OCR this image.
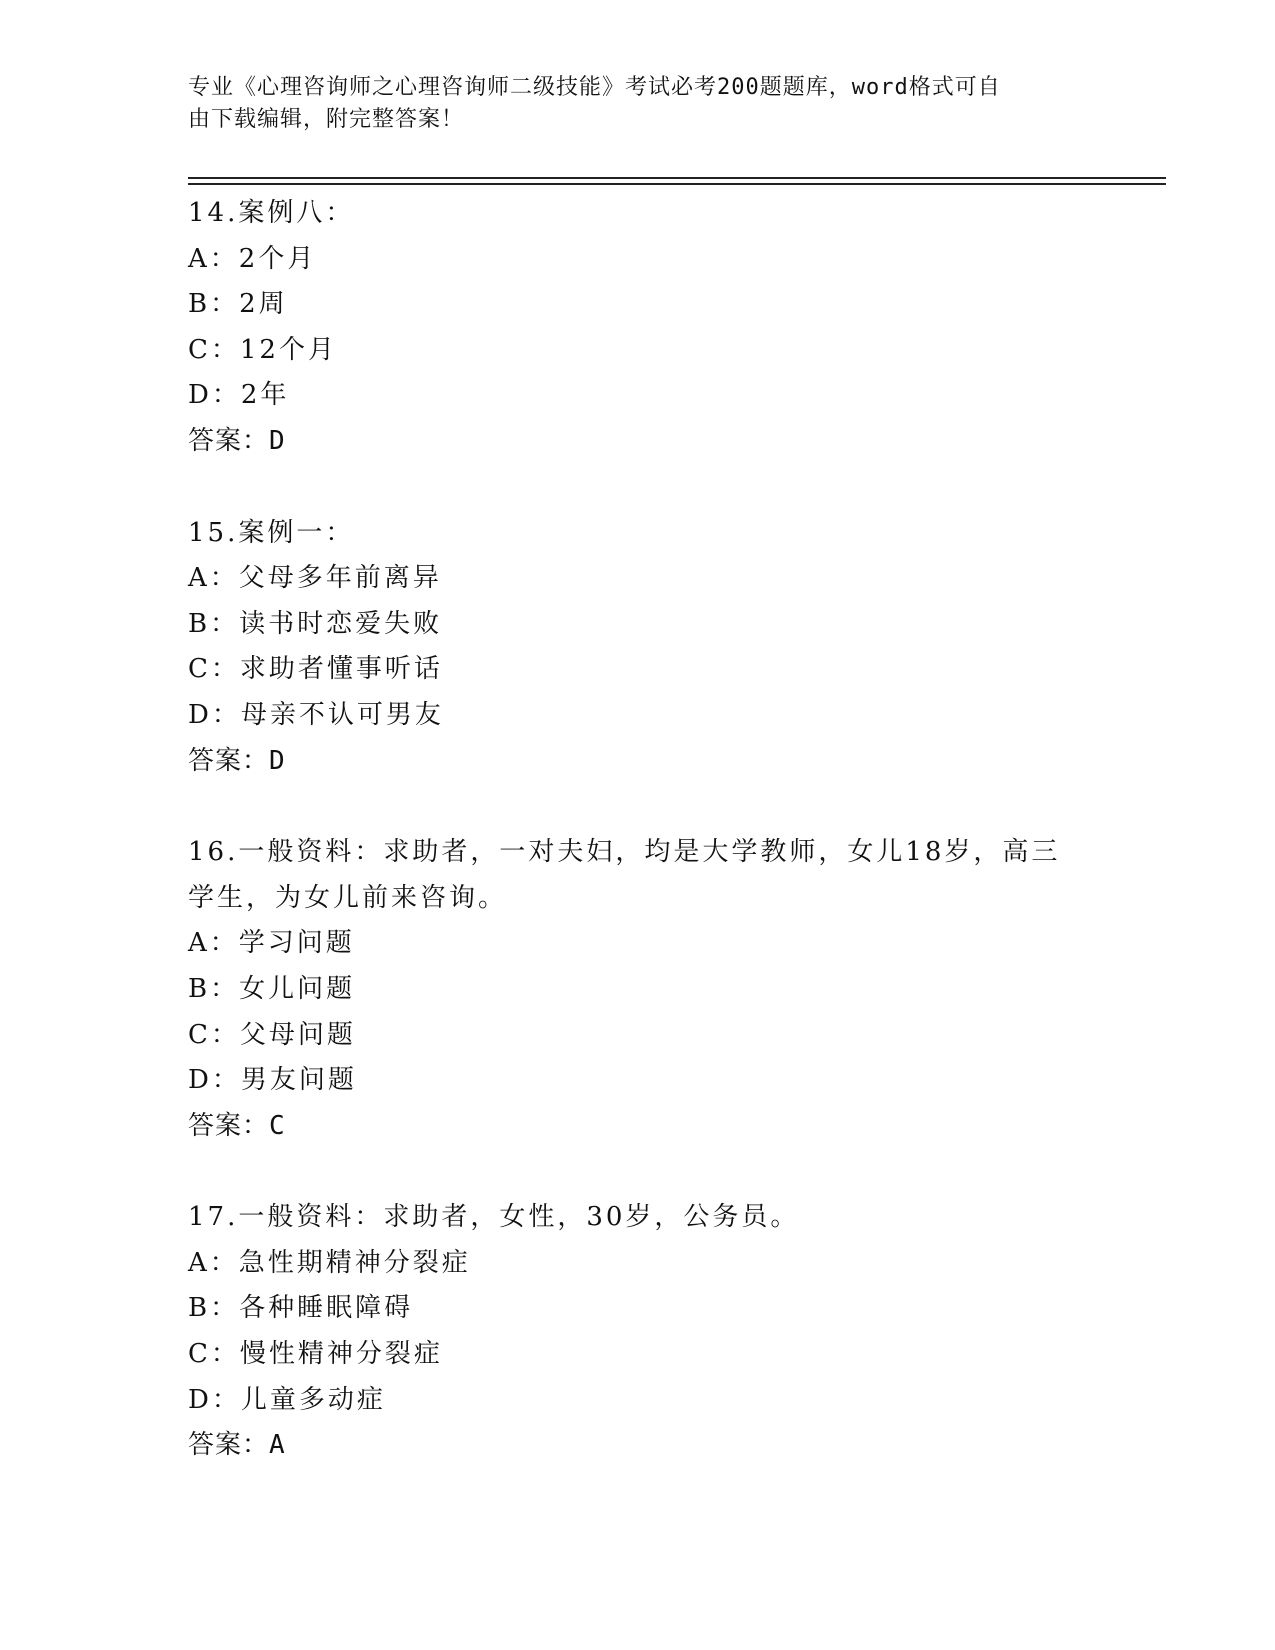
专业《心理咨询师之心理咨询师二级技能》考试必考200题题库，word格式可自
由下载编辑，附完整答案！
14.案例八：
A：2个月
B：2周
C：12个月
D：2年
答案：D
15.案例一：
A：父母多年前离异
B：读书时恋爱失败
C：求助者懂事听话
D：母亲不认可男友
答案：D
16.一般资料：求助者，一对夫妇，均是大学教师，女儿18岁，高三
学生，为女儿前来咨询。
A：学习问题
B：女儿问题
C：父母问题
D：男友问题
答案：C
17.一般资料：求助者，女性，30岁，公务员。
A：急性期精神分裂症
B：各种睡眠障碍
C：慢性精神分裂症
D：儿童多动症
答案：A
